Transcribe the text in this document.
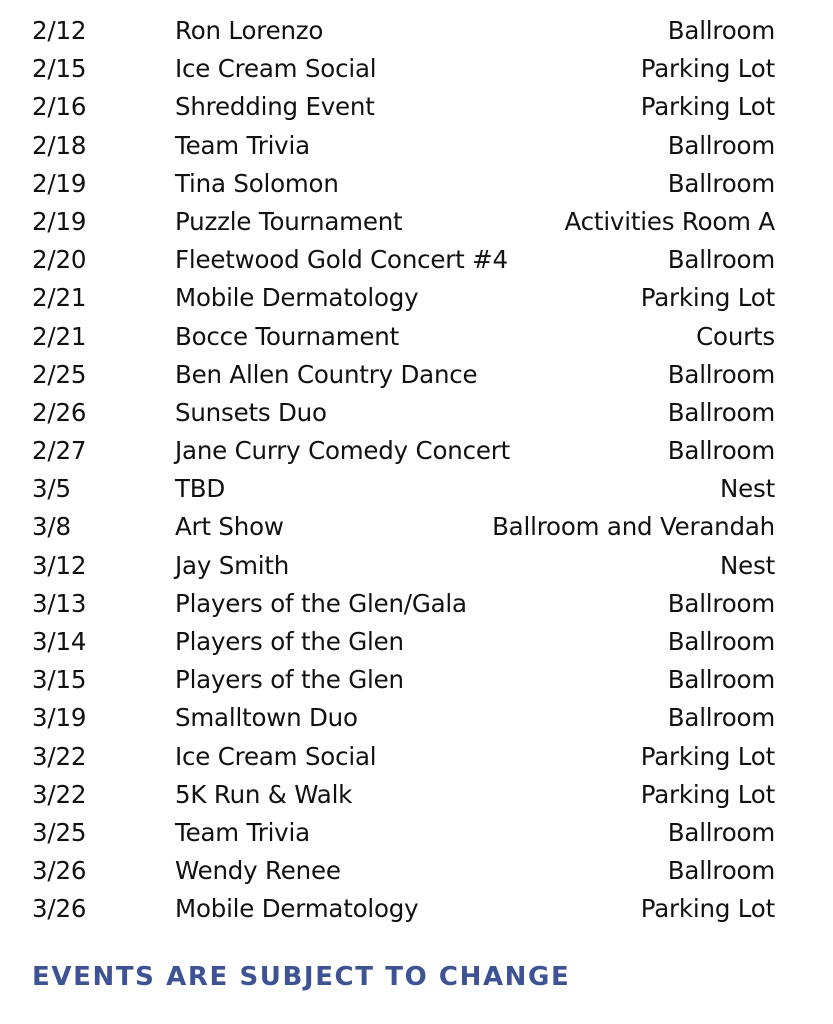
2/12	Ron Lorenzo	Ballroom
2/15	Ice Cream Social	Parking Lot
2/16	Shredding Event	Parking Lot
2/18	Team Trivia	Ballroom
2/19	Tina Solomon	Ballroom
2/19	Puzzle Tournament	Activities Room A
2/20	Fleetwood Gold Concert #4	Ballroom
2/21	Mobile Dermatology	Parking Lot
2/21	Bocce Tournament	Courts
2/25	Ben Allen Country Dance	Ballroom
2/26	Sunsets Duo	Ballroom
2/27	Jane Curry Comedy Concert	Ballroom
3/5	TBD	Nest
3/8	Art Show	Ballroom and Verandah
3/12	Jay Smith	Nest
3/13	Players of the Glen/Gala	Ballroom
3/14	Players of the Glen	Ballroom
3/15	Players of the Glen	Ballroom
3/19	Smalltown Duo	Ballroom
3/22	Ice Cream Social	Parking Lot
3/22	5K Run & Walk	Parking Lot
3/25	Team Trivia	Ballroom
3/26	Wendy Renee	Ballroom
3/26	Mobile Dermatology	Parking Lot
EVENTS ARE SUBJECT TO CHANGE
